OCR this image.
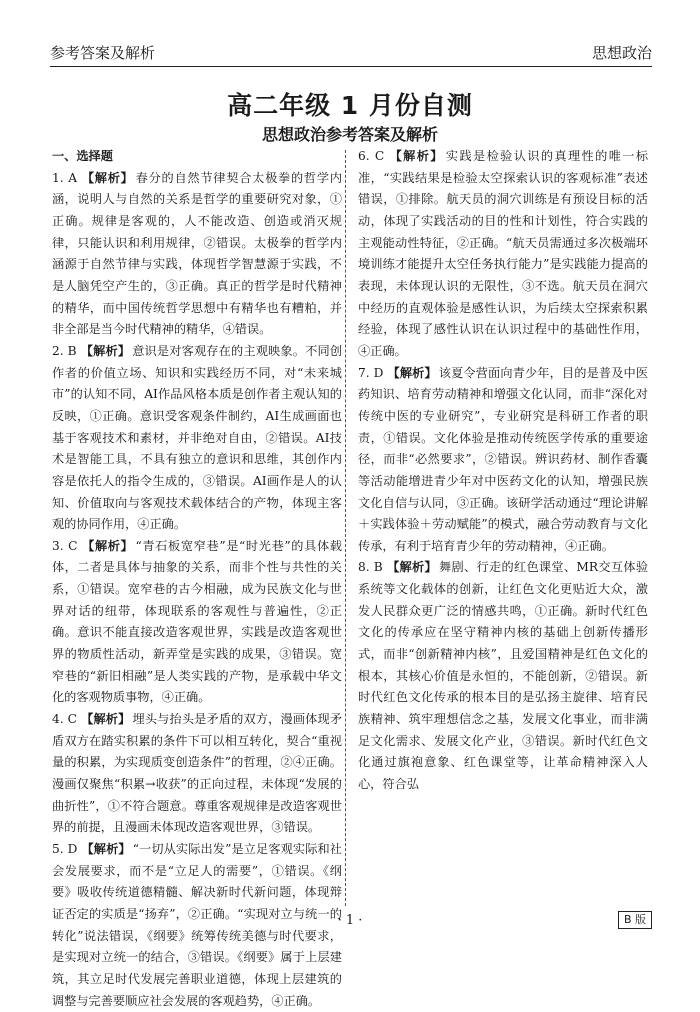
参考答案及解析	思想政治
高二年级 1 月份自测
思想政治参考答案及解析
一、选择题

1. A 【解析】 春分的自然节律契合太极拳的哲学内涵，说明人与自然的关系是哲学的重要研究对象，①正确。规律是客观的，人不能改造、创造或消灭规律，只能认识和利用规律，②错误。太极拳的哲学内涵源于自然节律与实践，体现哲学智慧源于实践，不是人脑凭空产生的，③正确。真正的哲学是时代精神的精华，而中国传统哲学思想中有精华也有糟粕，并非全部是当今时代精神的精华，④错误。

2. B 【解析】 意识是对客观存在的主观映象。不同创作者的价值立场、知识和实践经历不同，对“未来城市”的认知不同，AI作品风格本质是创作者主观认知的反映，①正确。意识受客观条件制约，AI生成画面也基于客观技术和素材，并非绝对自由，②错误。AI技术是智能工具，不具有独立的意识和思维，其创作内容是依托人的指令生成的，③错误。AI画作是人的认知、价值取向与客观技术载体结合的产物，体现主客观的协同作用，④正确。

3. C 【解析】 “青石板宽窄巷”是“时光巷”的具体载体，二者是具体与抽象的关系，而非个性与共性的关系，①错误。宽窄巷的古今相融，成为民族文化与世界对话的纽带，体现联系的客观性与普遍性，②正确。意识不能直接改造客观世界，实践是改造客观世界的物质性活动，新弄堂是实践的成果，③错误。宽窄巷的“新旧相融”是人类实践的产物，是承载中华文化的客观物质事物，④正确。

4. C 【解析】 埋头与抬头是矛盾的双方，漫画体现矛盾双方在踏实积累的条件下可以相互转化，契合“重视量的积累，为实现质变创造条件”的哲理，②④正确。漫画仅聚焦“积累→收获”的正向过程，未体现“发展的曲折性”，①不符合题意。尊重客观规律是改造客观世界的前提，且漫画未体现改造客观世界，③错误。

5. D 【解析】 “一切从实际出发”是立足客观实际和社会发展要求，而不是“立足人的需要”，①错误。《纲要》吸收传统道德精髓、解决新时代新问题，体现辩证否定的实质是“扬弃”，②正确。“实现对立与统一的转化”说法错误，《纲要》统筹传统美德与时代要求，是实现对立统一的结合，③错误。《纲要》属于上层建筑，其立足时代发展完善职业道德，体现上层建筑的调整与完善要顺应社会发展的客观趋势，④正确。

6. C 【解析】 实践是检验认识的真理性的唯一标准，“实践结果是检验太空探索认识的客观标准”表述错误，①排除。航天员的洞穴训练是有预设目标的活动，体现了实践活动的目的性和计划性，符合实践的主观能动性特征，②正确。“航天员需通过多次极端环境训练才能提升太空任务执行能力”是实践能力提高的表现，未体现认识的无限性，③不选。航天员在洞穴中经历的直观体验是感性认识，为后续太空探索积累经验，体现了感性认识在认识过程中的基础性作用，④正确。

7. D 【解析】 该夏令营面向青少年，目的是普及中医药知识、培育劳动精神和增强文化认同，而非“深化对传统中医的专业研究”，专业研究是科研工作者的职责，①错误。文化体验是推动传统医学传承的重要途径，而非“必然要求”，②错误。辨识药材、制作香囊等活动能增进青少年对中医药文化的认知，增强民族文化自信与认同，③正确。该研学活动通过“理论讲解＋实践体验＋劳动赋能”的模式，融合劳动教育与文化传承，有利于培育青少年的劳动精神，④正确。

8. B 【解析】 舞剧、行走的红色课堂、MR交互体验系统等文化载体的创新，让红色文化更贴近大众，激发人民群众更广泛的情感共鸣，①正确。新时代红色文化的传承应在坚守精神内核的基础上创新传播形式，而非“创新精神内核”，且爱国精神是红色文化的根本，其核心价值是永恒的，不能创新，②错误。新时代红色文化传承的根本目的是弘扬主旋律、培育民族精神、筑牢理想信念之基，发展文化事业，而非满足文化需求、发展文化产业，③错误。新时代红色文化通过旗袍意象、红色课堂等，让革命精神深入人心，符合弘

· 1 ·	B 版
